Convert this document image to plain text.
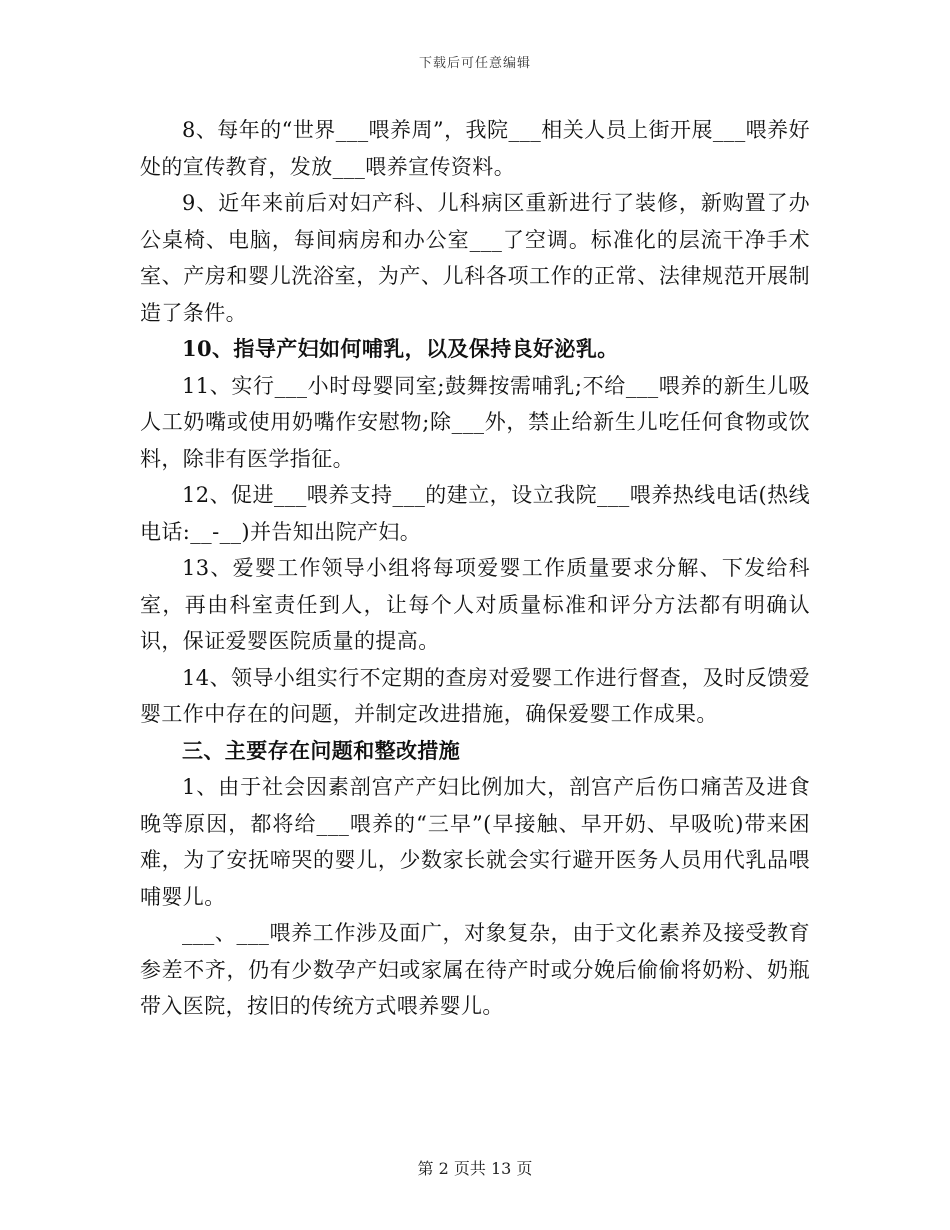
下载后可任意编辑

8、每年的“世界___喂养周”，我院___相关人员上街开展___喂养好处的宣传教育，发放___喂养宣传资料。

9、近年来前后对妇产科、儿科病区重新进行了装修，新购置了办公桌椅、电脑，每间病房和办公室___了空调。标准化的层流干净手术室、产房和婴儿洗浴室，为产、儿科各项工作的正常、法律规范开展制造了条件。

10、指导产妇如何哺乳，以及保持良好泌乳。

11、实行___小时母婴同室;鼓舞按需哺乳;不给___喂养的新生儿吸人工奶嘴或使用奶嘴作安慰物;除___外，禁止给新生儿吃任何食物或饮料，除非有医学指征。

12、促进___喂养支持___的建立，设立我院___喂养热线电话(热线电话:__-__)并告知出院产妇。

13、爱婴工作领导小组将每项爱婴工作质量要求分解、下发给科室，再由科室责任到人，让每个人对质量标准和评分方法都有明确认识，保证爱婴医院质量的提高。

14、领导小组实行不定期的查房对爱婴工作进行督查，及时反馈爱婴工作中存在的问题，并制定改进措施，确保爱婴工作成果。

三、主要存在问题和整改措施

1、由于社会因素剖宫产产妇比例加大，剖宫产后伤口痛苦及进食晚等原因，都将给___喂养的“三早”(早接触、早开奶、早吸吮)带来困难，为了安抚啼哭的婴儿，少数家长就会实行避开医务人员用代乳品喂哺婴儿。

___、___喂养工作涉及面广，对象复杂，由于文化素养及接受教育参差不齐，仍有少数孕产妇或家属在待产时或分娩后偷偷将奶粉、奶瓶带入医院，按旧的传统方式喂养婴儿。

第 2 页共 13 页
